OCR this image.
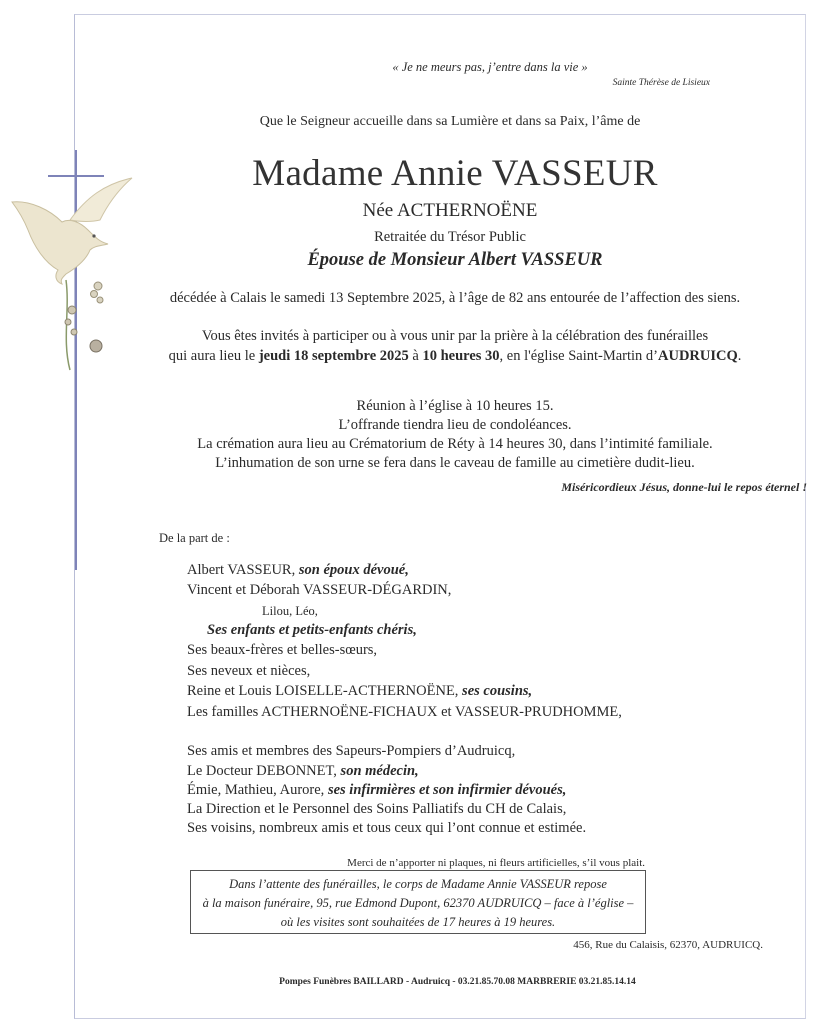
« Je ne meurs pas, j’entre dans la vie »
Sainte Thérèse de Lisieux
Que le Seigneur accueille dans sa Lumière et dans sa Paix, l’âme de
Madame Annie VASSEUR
Née ACTHERNOËNE
Retraitée du Trésor Public
Épouse de Monsieur Albert VASSEUR
décédée à Calais le samedi 13 Septembre 2025, à l’âge de 82 ans entourée de l’affection des siens.
Vous êtes invités à participer ou à vous unir par la prière à la célébration des funérailles
qui aura lieu le jeudi 18 septembre 2025 à 10 heures 30, en l'église Saint-Martin d’AUDRUICQ.
Réunion à l’église à 10 heures 15.
L’offrande tiendra lieu de condoléances.
La crémation aura lieu au Crématorium de Réty à 14 heures 30, dans l’intimité familiale.
L’inhumation de son urne se fera dans le caveau de famille au cimetière dudit-lieu.
Miséricordieux Jésus, donne-lui le repos éternel !
De la part de :
Albert VASSEUR, son époux dévoué,
Vincent et Déborah VASSEUR-DÉGARDIN,
Lilou, Léo,
Ses enfants et petits-enfants chéris,
Ses beaux-frères et belles-sœurs,
Ses neveux et nièces,
Reine et Louis LOISELLE-ACTHERNOËNE, ses cousins,
Les familles ACTHERNOËNE-FICHAUX et VASSEUR-PRUDHOMME,
Ses amis et membres des Sapeurs-Pompiers d’Audruicq,
Le Docteur DEBONNET, son médecin,
Émie, Mathieu, Aurore, ses infirmières et son infirmier dévoués,
La Direction et le Personnel des Soins Palliatifs du CH de Calais,
Ses voisins, nombreux amis et tous ceux qui l’ont connue et estimée.
Merci de n’apporter ni plaques, ni fleurs artificielles, s’il vous plait.
Dans l’attente des funérailles, le corps de Madame Annie VASSEUR repose
à la maison funéraire, 95, rue Edmond Dupont, 62370 AUDRUICQ – face à l’église –
où les visites sont souhaitées de 17 heures à 19 heures.
456, Rue du Calaisis, 62370, AUDRUICQ.
Pompes Funèbres BAILLARD - Audruicq - 03.21.85.70.08 MARBRERIE 03.21.85.14.14
